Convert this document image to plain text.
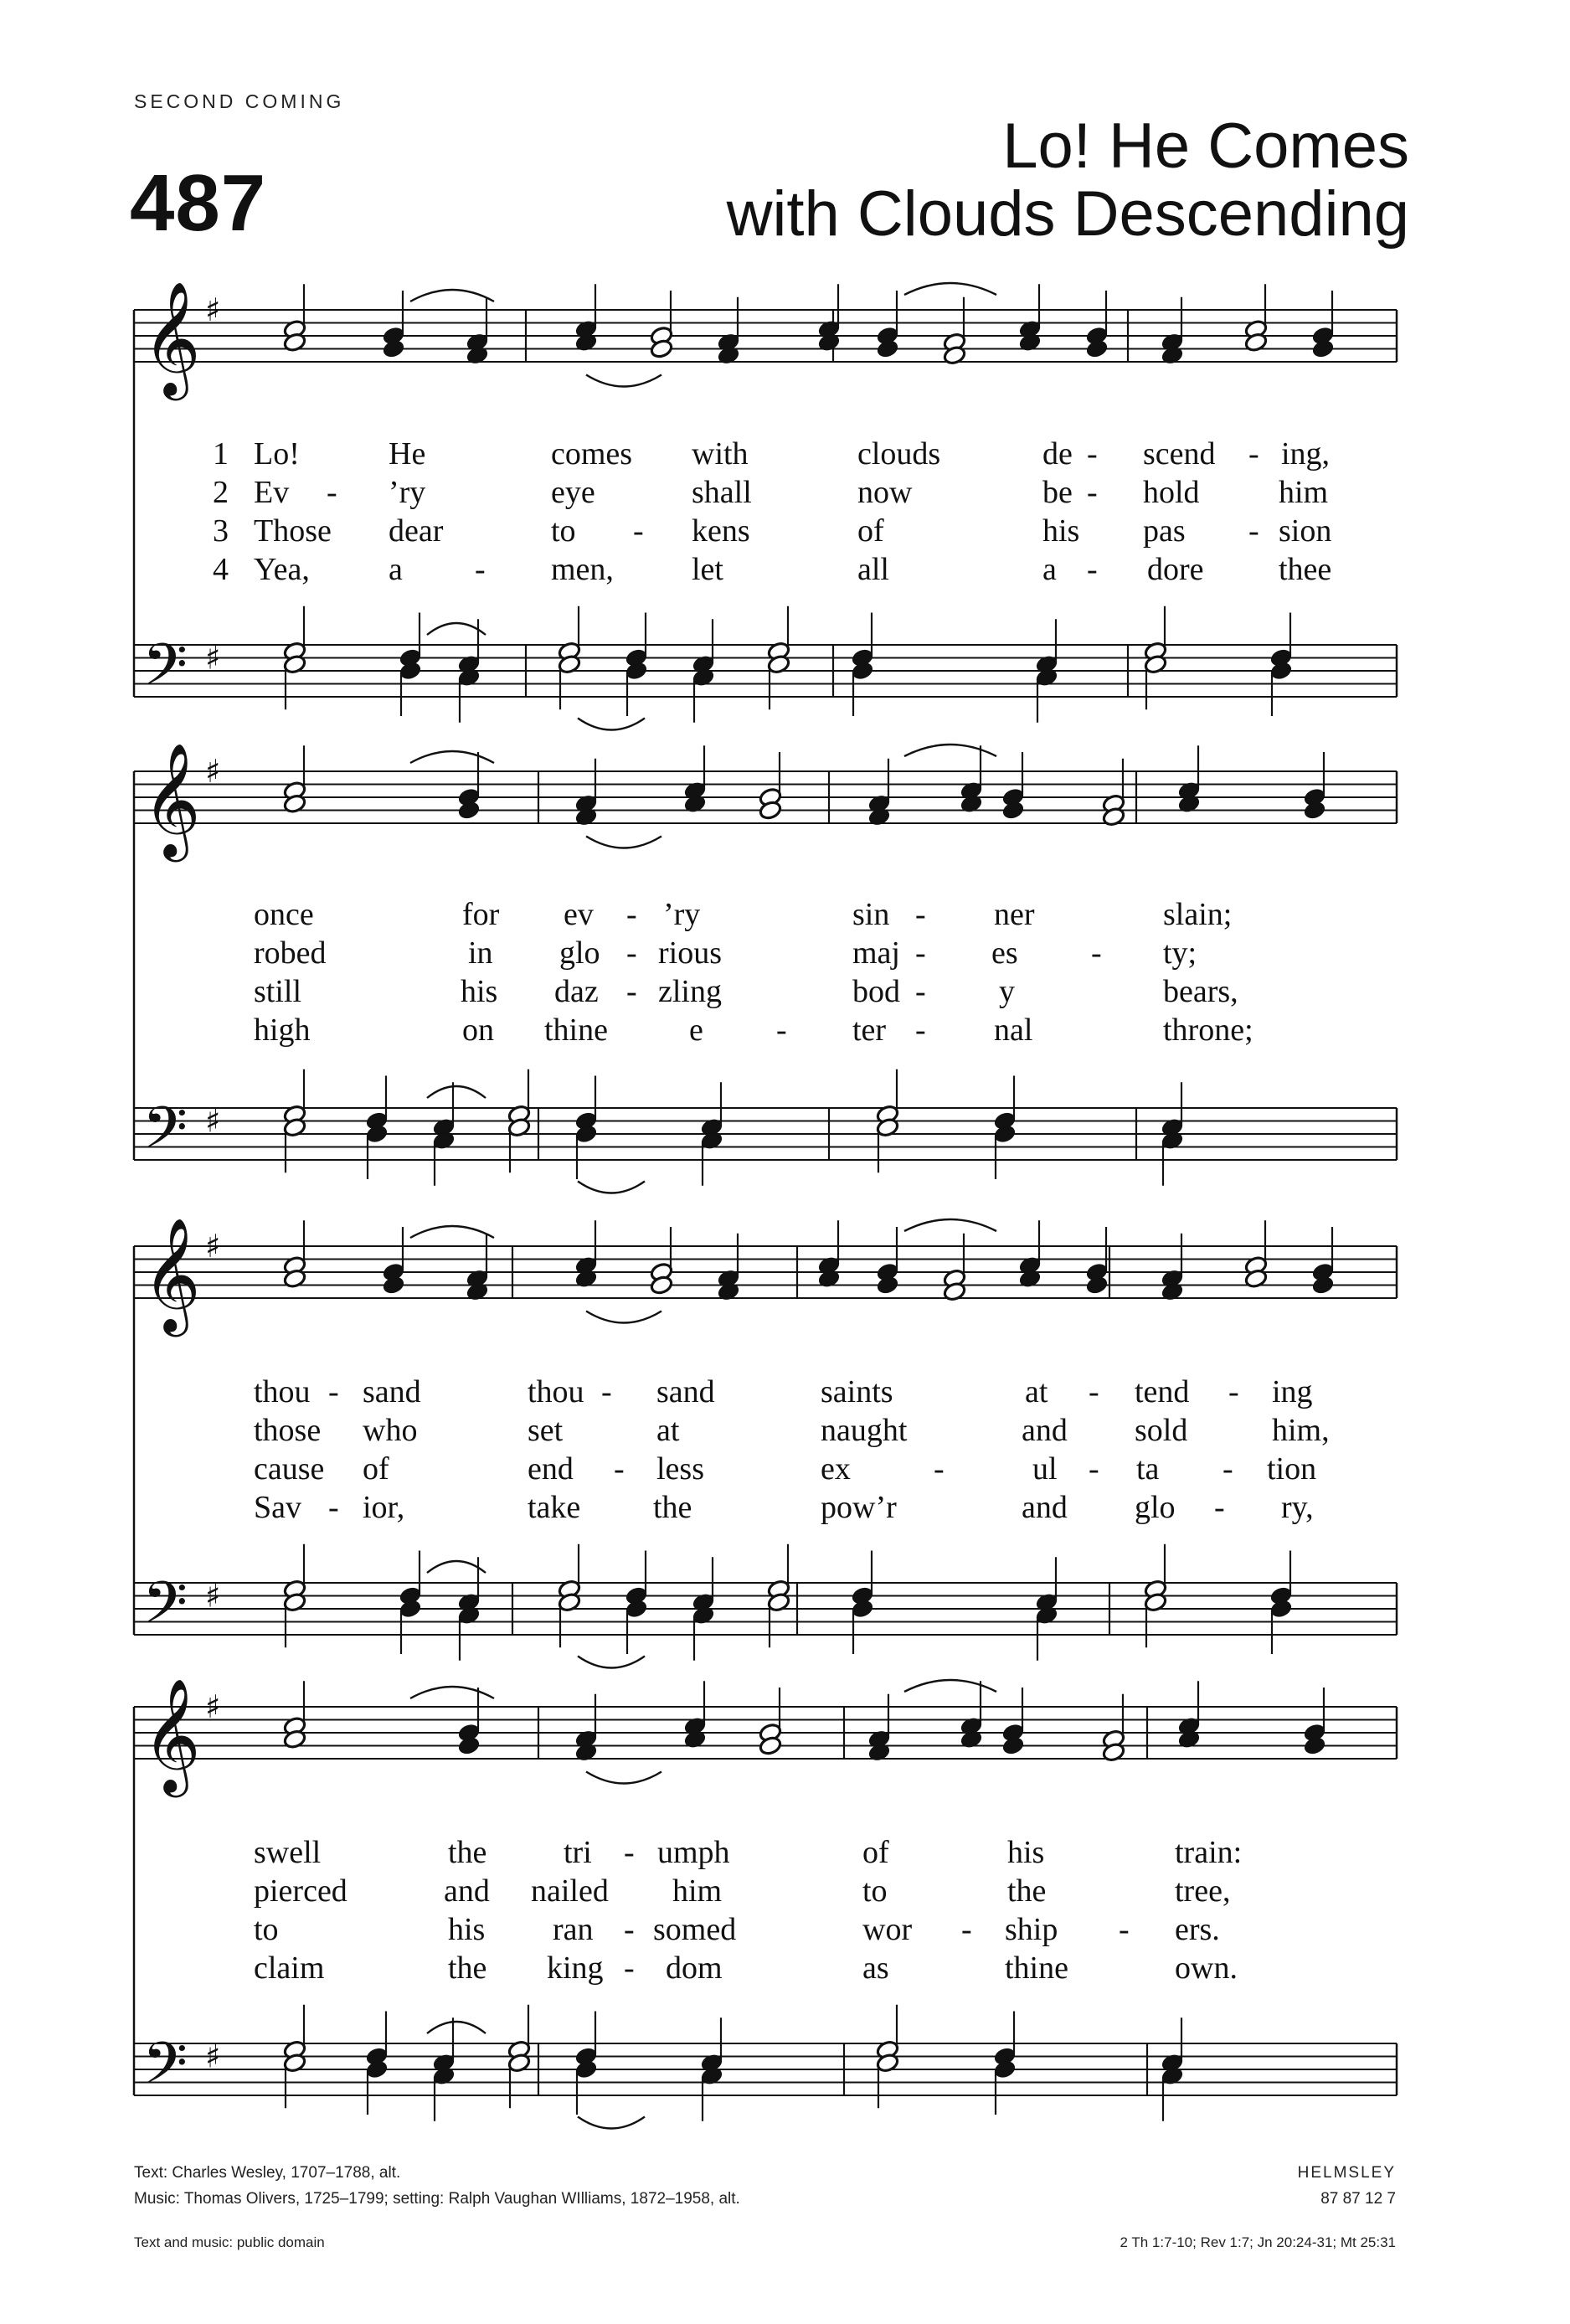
SECOND COMING
487
Lo! He Comes
with Clouds Descending
𝄞
𝄢
♯
♯
𝄞
𝄢
♯
♯
𝄞
𝄢
♯
♯
𝄞
𝄢
♯
♯
1
2
3
4
Lo!	He	comes with	clouds	de - scend - ing,
Ev - ’ry	eye	shall	now	be - hold him
Those dear	to - kens	of	his pas - sion
Yea, a - men, let	all	a - dore thee
once	for ev - ’ry	sin - ner	slain;
robed	in glo - rious	maj - es - ty;
still	his daz - zling	bod - y	bears,
high	on thine	e - ter - nal	throne;
thou - sand	thou - sand	saints	at - tend - ing
those who	set	at	naught	and sold	him,
cause of	end - less	ex	-	ul - ta - tion
Sav - ior,	take the	pow’r	and glo - ry,
swell	the tri - umph	of	his	train:
pierced	and nailed him	to	the	tree,
to	his ran - somed	wor - ship - ers.
claim	the king - dom	as	thine	own.
Text: Charles Wesley, 1707–1788, alt.
Music: Thomas Olivers, 1725–1799; setting: Ralph Vaughan WIlliams, 1872–1958, alt.
HELMSLEY
87 87 12 7
Text and music: public domain	2 Th 1:7-10; Rev 1:7; Jn 20:24-31; Mt 25:31
